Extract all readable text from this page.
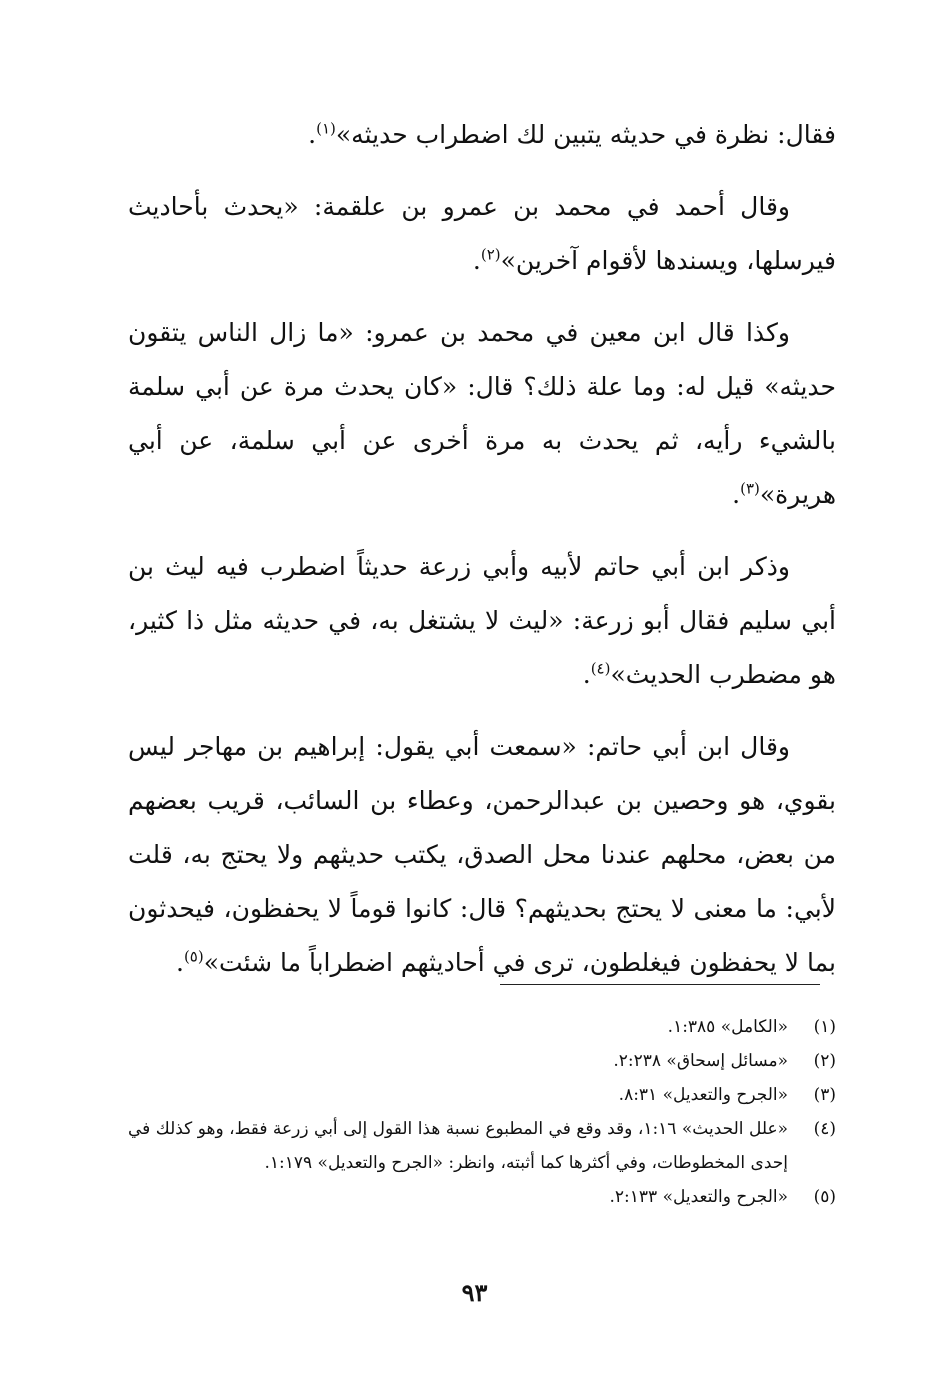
فقال: نظرة في حديثه يتبين لك اضطراب حديثه»$^{(١)}$.

وقال أحمد في محمد بن عمرو بن علقمة: «يحدث بأحاديث فيرسلها، ويسندها لأقوام آخرين»$^{(٢)}$.

وكذا قال ابن معين في محمد بن عمرو: «ما زال الناس يتقون حديثه» قيل له: وما علة ذلك؟ قال: «كان يحدث مرة عن أبي سلمة بالشيء رأيه، ثم يحدث به مرة أخرى عن أبي سلمة، عن أبي هريرة»$^{(٣)}$.

وذكر ابن أبي حاتم لأبيه وأبي زرعة حديثاً اضطرب فيه ليث بن أبي سليم فقال أبو زرعة: «ليث لا يشتغل به، في حديثه مثل ذا كثير، هو مضطرب الحديث»$^{(٤)}$.

وقال ابن أبي حاتم: «سمعت أبي يقول: إبراهيم بن مهاجر ليس بقوي، هو وحصين بن عبدالرحمن، وعطاء بن السائب، قريب بعضهم من بعض، محلهم عندنا محل الصدق، يكتب حديثهم ولا يحتج به، قلت لأبي: ما معنى لا يحتج بحديثهم؟ قال: كانوا قوماً لا يحفظون، فيحدثون بما لا يحفظون فيغلطون، ترى في أحاديثهم اضطراباً ما شئت»$^{(٥)}$.

(١)
«الكامل» ١:٣٨٥.
(٢)
«مسائل إسحاق» ٢:٢٣٨.
(٣)
«الجرح والتعديل» ٨:٣١.
(٤)
«علل الحديث» ١:١٦، وقد وقع في المطبوع نسبة هذا القول إلى أبي زرعة فقط، وهو كذلك في إحدى المخطوطات، وفي أكثرها كما أثبته، وانظر: «الجرح والتعديل» ١:١٧٩.
(٥)
«الجرح والتعديل» ٢:١٣٣.
٩٣
